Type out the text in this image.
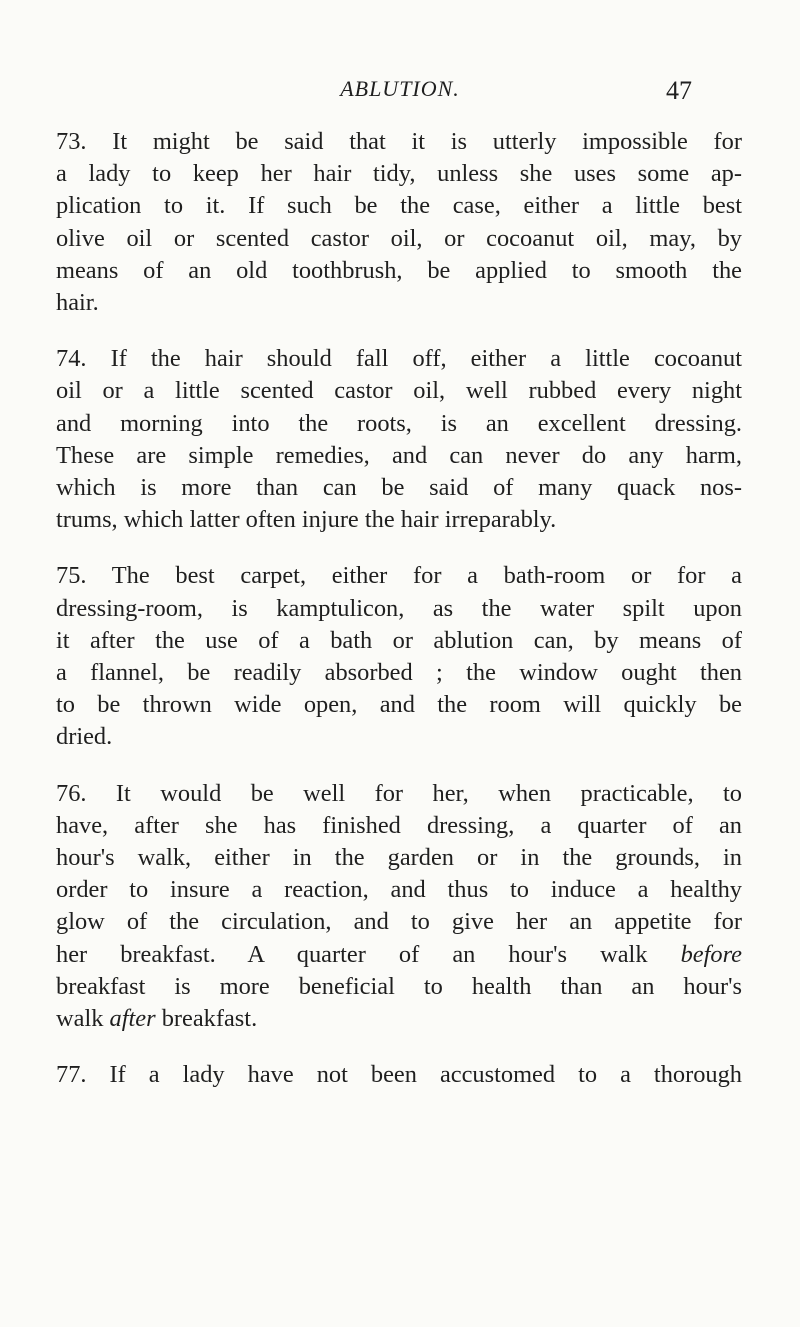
ABLUTION.	47

73. It might be said that it is utterly impossible for
a lady to keep her hair tidy, unless she uses some ap-
plication to it. If such be the case, either a little best
olive oil or scented castor oil, or cocoanut oil, may, by
means of an old toothbrush, be applied to smooth the
hair.

74. If the hair should fall off, either a little cocoanut
oil or a little scented castor oil, well rubbed every night
and morning into the roots, is an excellent dressing.
These are simple remedies, and can never do any harm,
which is more than can be said of many quack nos-
trums, which latter often injure the hair irreparably.

75. The best carpet, either for a bath-room or for a
dressing-room, is kamptulicon, as the water spilt upon
it after the use of a bath or ablution can, by means of
a flannel, be readily absorbed ; the window ought then
to be thrown wide open, and the room will quickly be
dried.

76. It would be well for her, when practicable, to
have, after she has finished dressing, a quarter of an
hour's walk, either in the garden or in the grounds, in
order to insure a reaction, and thus to induce a healthy
glow of the circulation, and to give her an appetite for
her breakfast. A quarter of an hour's walk before
breakfast is more beneficial to health than an hour's
walk after breakfast.

77. If a lady have not been accustomed to a thorough
